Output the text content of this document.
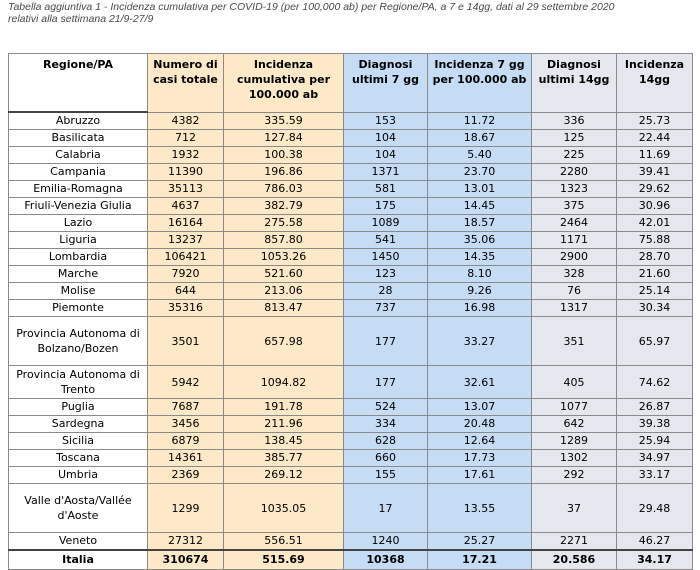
Tabella aggiuntiva 1 - Incidenza cumulativa per COVID-19 (per 100,000 ab) per Regione/PA, a 7 e 14gg, dati al 29 settembre 2020
relativi alla settimana 21/9-27/9
Regione/PA	Numero di casi totale	Incidenza cumulativa per 100.000 ab	Diagnosi ultimi 7 gg	Incidenza 7 gg per 100.000 ab	Diagnosi ultimi 14gg	Incidenza 14gg
Abruzzo	4382	335.59	153	11.72	336	25.73
Basilicata	712	127.84	104	18.67	125	22.44
Calabria	1932	100.38	104	5.40	225	11.69
Campania	11390	196.86	1371	23.70	2280	39.41
Emilia-Romagna	35113	786.03	581	13.01	1323	29.62
Friuli-Venezia Giulia	4637	382.79	175	14.45	375	30.96
Lazio	16164	275.58	1089	18.57	2464	42.01
Liguria	13237	857.80	541	35.06	1171	75.88
Lombardia	106421	1053.26	1450	14.35	2900	28.70
Marche	7920	521.60	123	8.10	328	21.60
Molise	644	213.06	28	9.26	76	25.14
Piemonte	35316	813.47	737	16.98	1317	30.34
Provincia Autonoma di Bolzano/Bozen	3501	657.98	177	33.27	351	65.97
Provincia Autonoma di Trento	5942	1094.82	177	32.61	405	74.62
Puglia	7687	191.78	524	13.07	1077	26.87
Sardegna	3456	211.96	334	20.48	642	39.38
Sicilia	6879	138.45	628	12.64	1289	25.94
Toscana	14361	385.77	660	17.73	1302	34.97
Umbria	2369	269.12	155	17.61	292	33.17
Valle d'Aosta/Vallée d'Aoste	1299	1035.05	17	13.55	37	29.48
Veneto	27312	556.51	1240	25.27	2271	46.27
Italia	310674	515.69	10368	17.21	20.586	34.17
